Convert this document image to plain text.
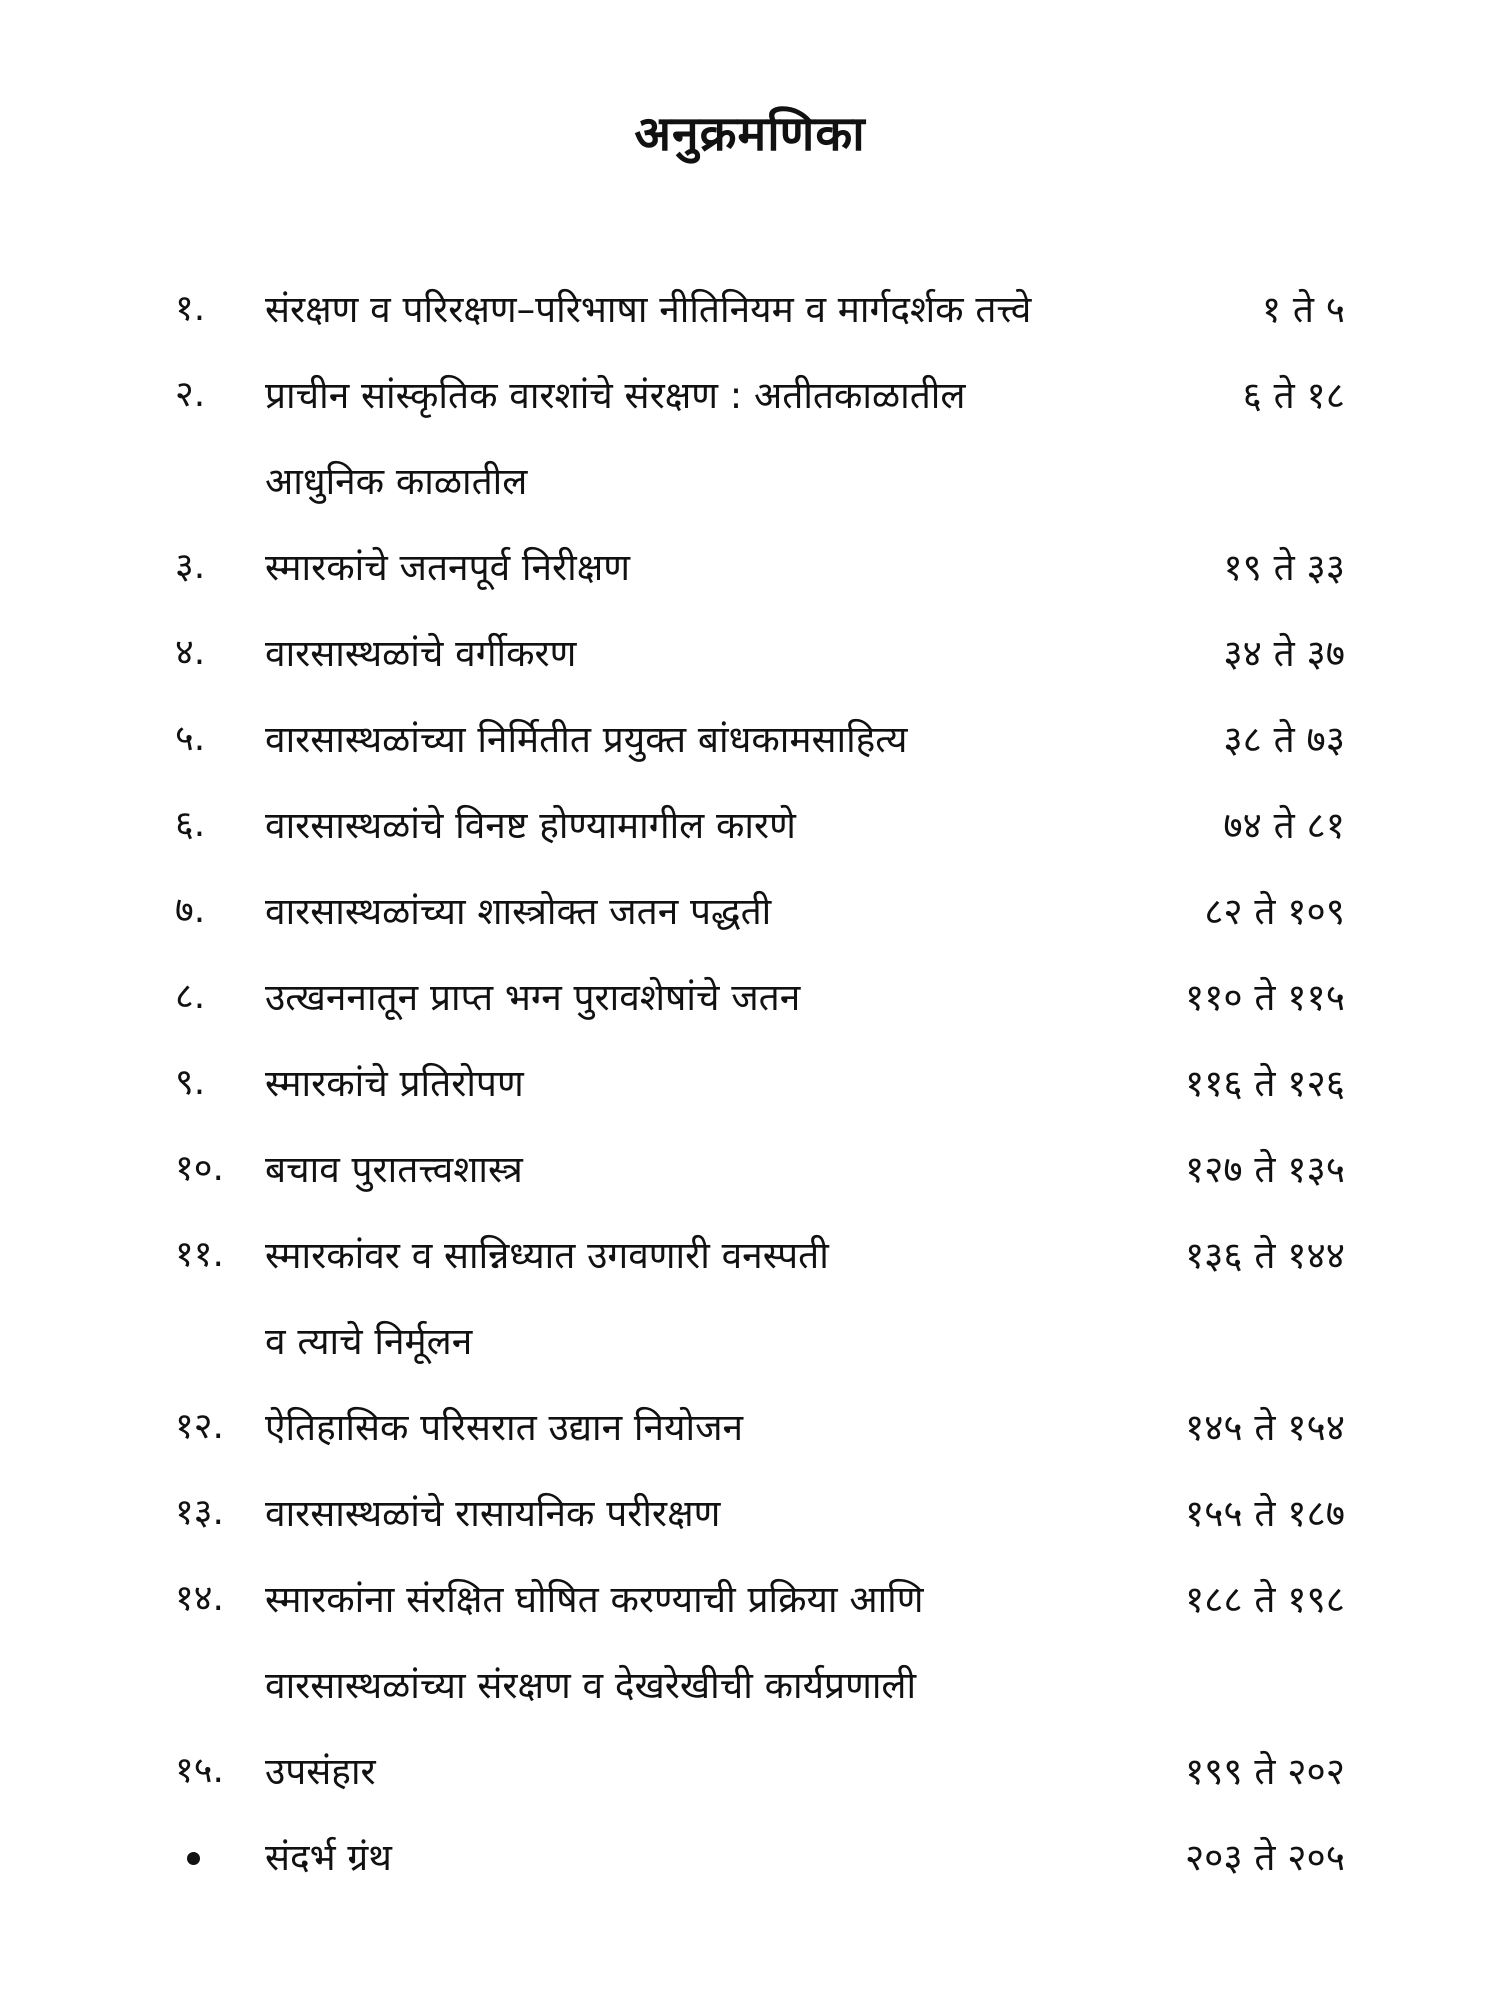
अनुक्रमणिका
१.	संरक्षण व परिरक्षण–परिभाषा नीतिनियम व मार्गदर्शक तत्त्वे	१ ते ५
२.	प्राचीन सांस्कृतिक वारशांचे संरक्षण : अतीतकाळातील	६ ते १८
आधुनिक काळातील
३.	स्मारकांचे जतनपूर्व निरीक्षण	१९ ते ३३
४.	वारसास्थळांचे वर्गीकरण	३४ ते ३७
५.	वारसास्थळांच्या निर्मितीत प्रयुक्त बांधकामसाहित्य	३८ ते ७३
६.	वारसास्थळांचे विनष्ट होण्यामागील कारणे	७४ ते ८१
७.	वारसास्थळांच्या शास्त्रोक्त जतन पद्धती	८२ ते १०९
८.	उत्खननातून प्राप्त भग्न पुरावशेषांचे जतन	११० ते ११५
९.	स्मारकांचे प्रतिरोपण	११६ ते १२६
१०.	बचाव पुरातत्त्वशास्त्र	१२७ ते १३५
११.	स्मारकांवर व सान्निध्यात उगवणारी वनस्पती	१३६ ते १४४
व त्याचे निर्मूलन
१२.	ऐतिहासिक परिसरात उद्यान नियोजन	१४५ ते १५४
१३.	वारसास्थळांचे रासायनिक परीरक्षण	१५५ ते १८७
१४.	स्मारकांना संरक्षित घोषित करण्याची प्रक्रिया आणि	१८८ ते १९८
वारसास्थळांच्या संरक्षण व देखरेखीची कार्यप्रणाली
१५.	उपसंहार	१९९ ते २०२
संदर्भ ग्रंथ	२०३ ते २०५
